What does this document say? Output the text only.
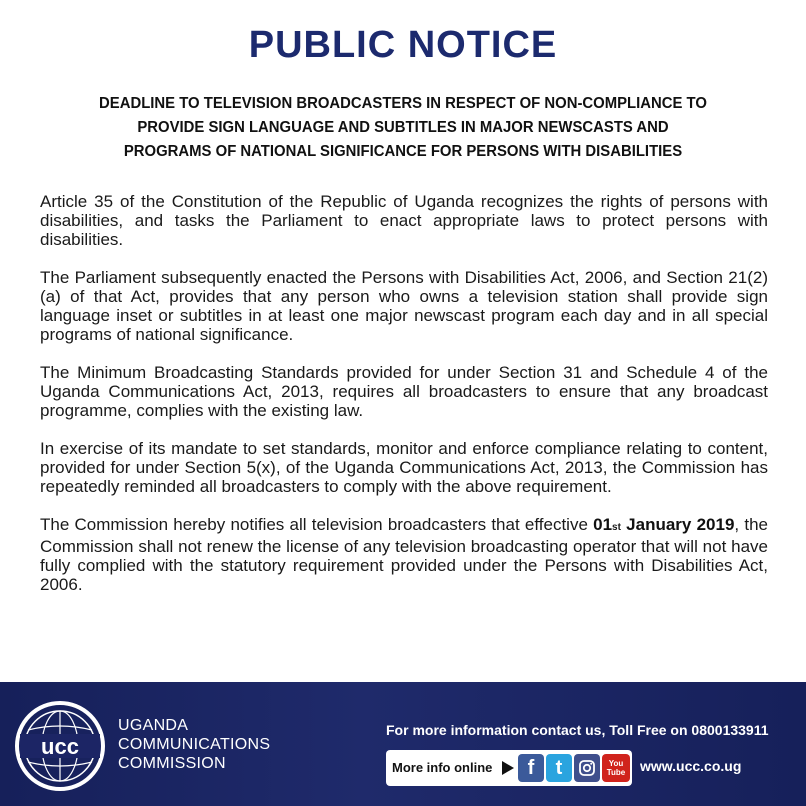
PUBLIC NOTICE
DEADLINE TO TELEVISION BROADCASTERS IN RESPECT OF NON-COMPLIANCE TO
PROVIDE SIGN LANGUAGE AND SUBTITLES IN MAJOR NEWSCASTS AND
PROGRAMS OF NATIONAL SIGNIFICANCE FOR PERSONS WITH DISABILITIES

Article 35 of the Constitution of the Republic of Uganda recognizes the rights of persons with disabilities, and tasks the Parliament to enact appropriate laws to protect persons with disabilities.

The Parliament subsequently enacted the Persons with Disabilities Act, 2006, and Section 21(2) (a) of that Act, provides that any person who owns a television station shall provide sign language inset or subtitles in at least one major newscast program each day and in all special programs of national significance.

The Minimum Broadcasting Standards provided for under Section 31 and Schedule 4 of the Uganda Communications Act, 2013, requires all broadcasters to ensure that any broadcast programme, complies with the existing law.

In exercise of its mandate to set standards, monitor and enforce compliance relating to content, provided for under Section 5(x), of the Uganda Communications Act, 2013, the Commission has repeatedly reminded all broadcasters to comply with the above requirement.

The Commission hereby notifies all television broadcasters that effective 01st January 2019, the Commission shall not renew the license of any television broadcasting operator that will not have fully complied with the statutory requirement provided under the Persons with Disabilities Act, 2006.

ucc
UGANDA
COMMUNICATIONS
COMMISSION
For more information contact us, Toll Free on 0800133911
More info online	f	t	You
Tube www.ucc.co.ug
